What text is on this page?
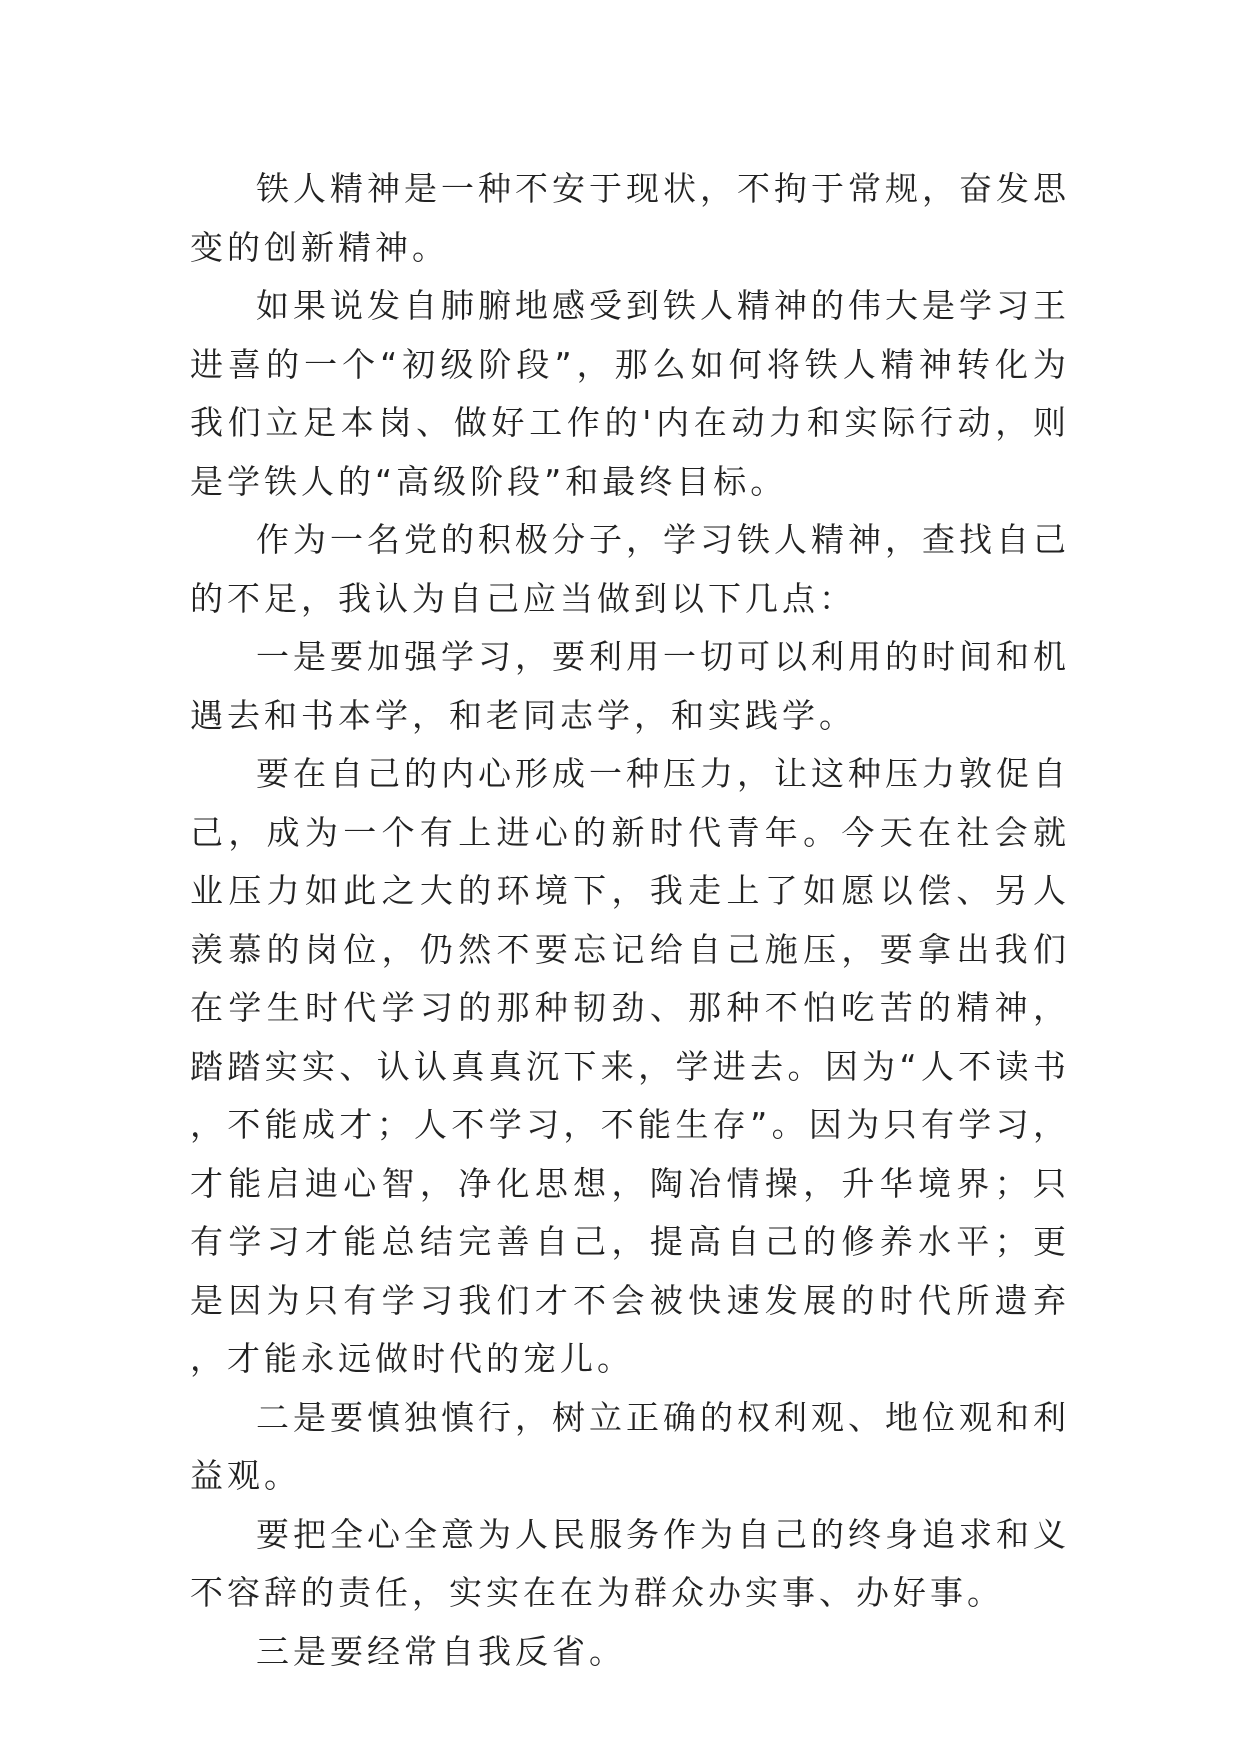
铁人精神是一种不安于现状，不拘于常规，奋发思变的创新精神。

如果说发自肺腑地感受到铁人精神的伟大是学习王进喜的一个“初级阶段”，那么如何将铁人精神转化为我们立足本岗、做好工作的'内在动力和实际行动，则是学铁人的“高级阶段”和最终目标。

作为一名党的积极分子，学习铁人精神，查找自己的不足，我认为自己应当做到以下几点：

一是要加强学习，要利用一切可以利用的时间和机遇去和书本学，和老同志学，和实践学。

要在自己的内心形成一种压力，让这种压力敦促自己，成为一个有上进心的新时代青年。今天在社会就业压力如此之大的环境下，我走上了如愿以偿、另人羡慕的岗位，仍然不要忘记给自己施压，要拿出我们在学生时代学习的那种韧劲、那种不怕吃苦的精神，踏踏实实、认认真真沉下来，学进去。因为“人不读书，不能成才；人不学习，不能生存”。因为只有学习，才能启迪心智，净化思想，陶冶情操，升华境界；只有学习才能总结完善自己，提高自己的修养水平；更是因为只有学习我们才不会被快速发展的时代所遗弃，才能永远做时代的宠儿。

二是要慎独慎行，树立正确的权利观、地位观和利益观。

要把全心全意为人民服务作为自己的终身追求和义不容辞的责任，实实在在为群众办实事、办好事。

三是要经常自我反省。
